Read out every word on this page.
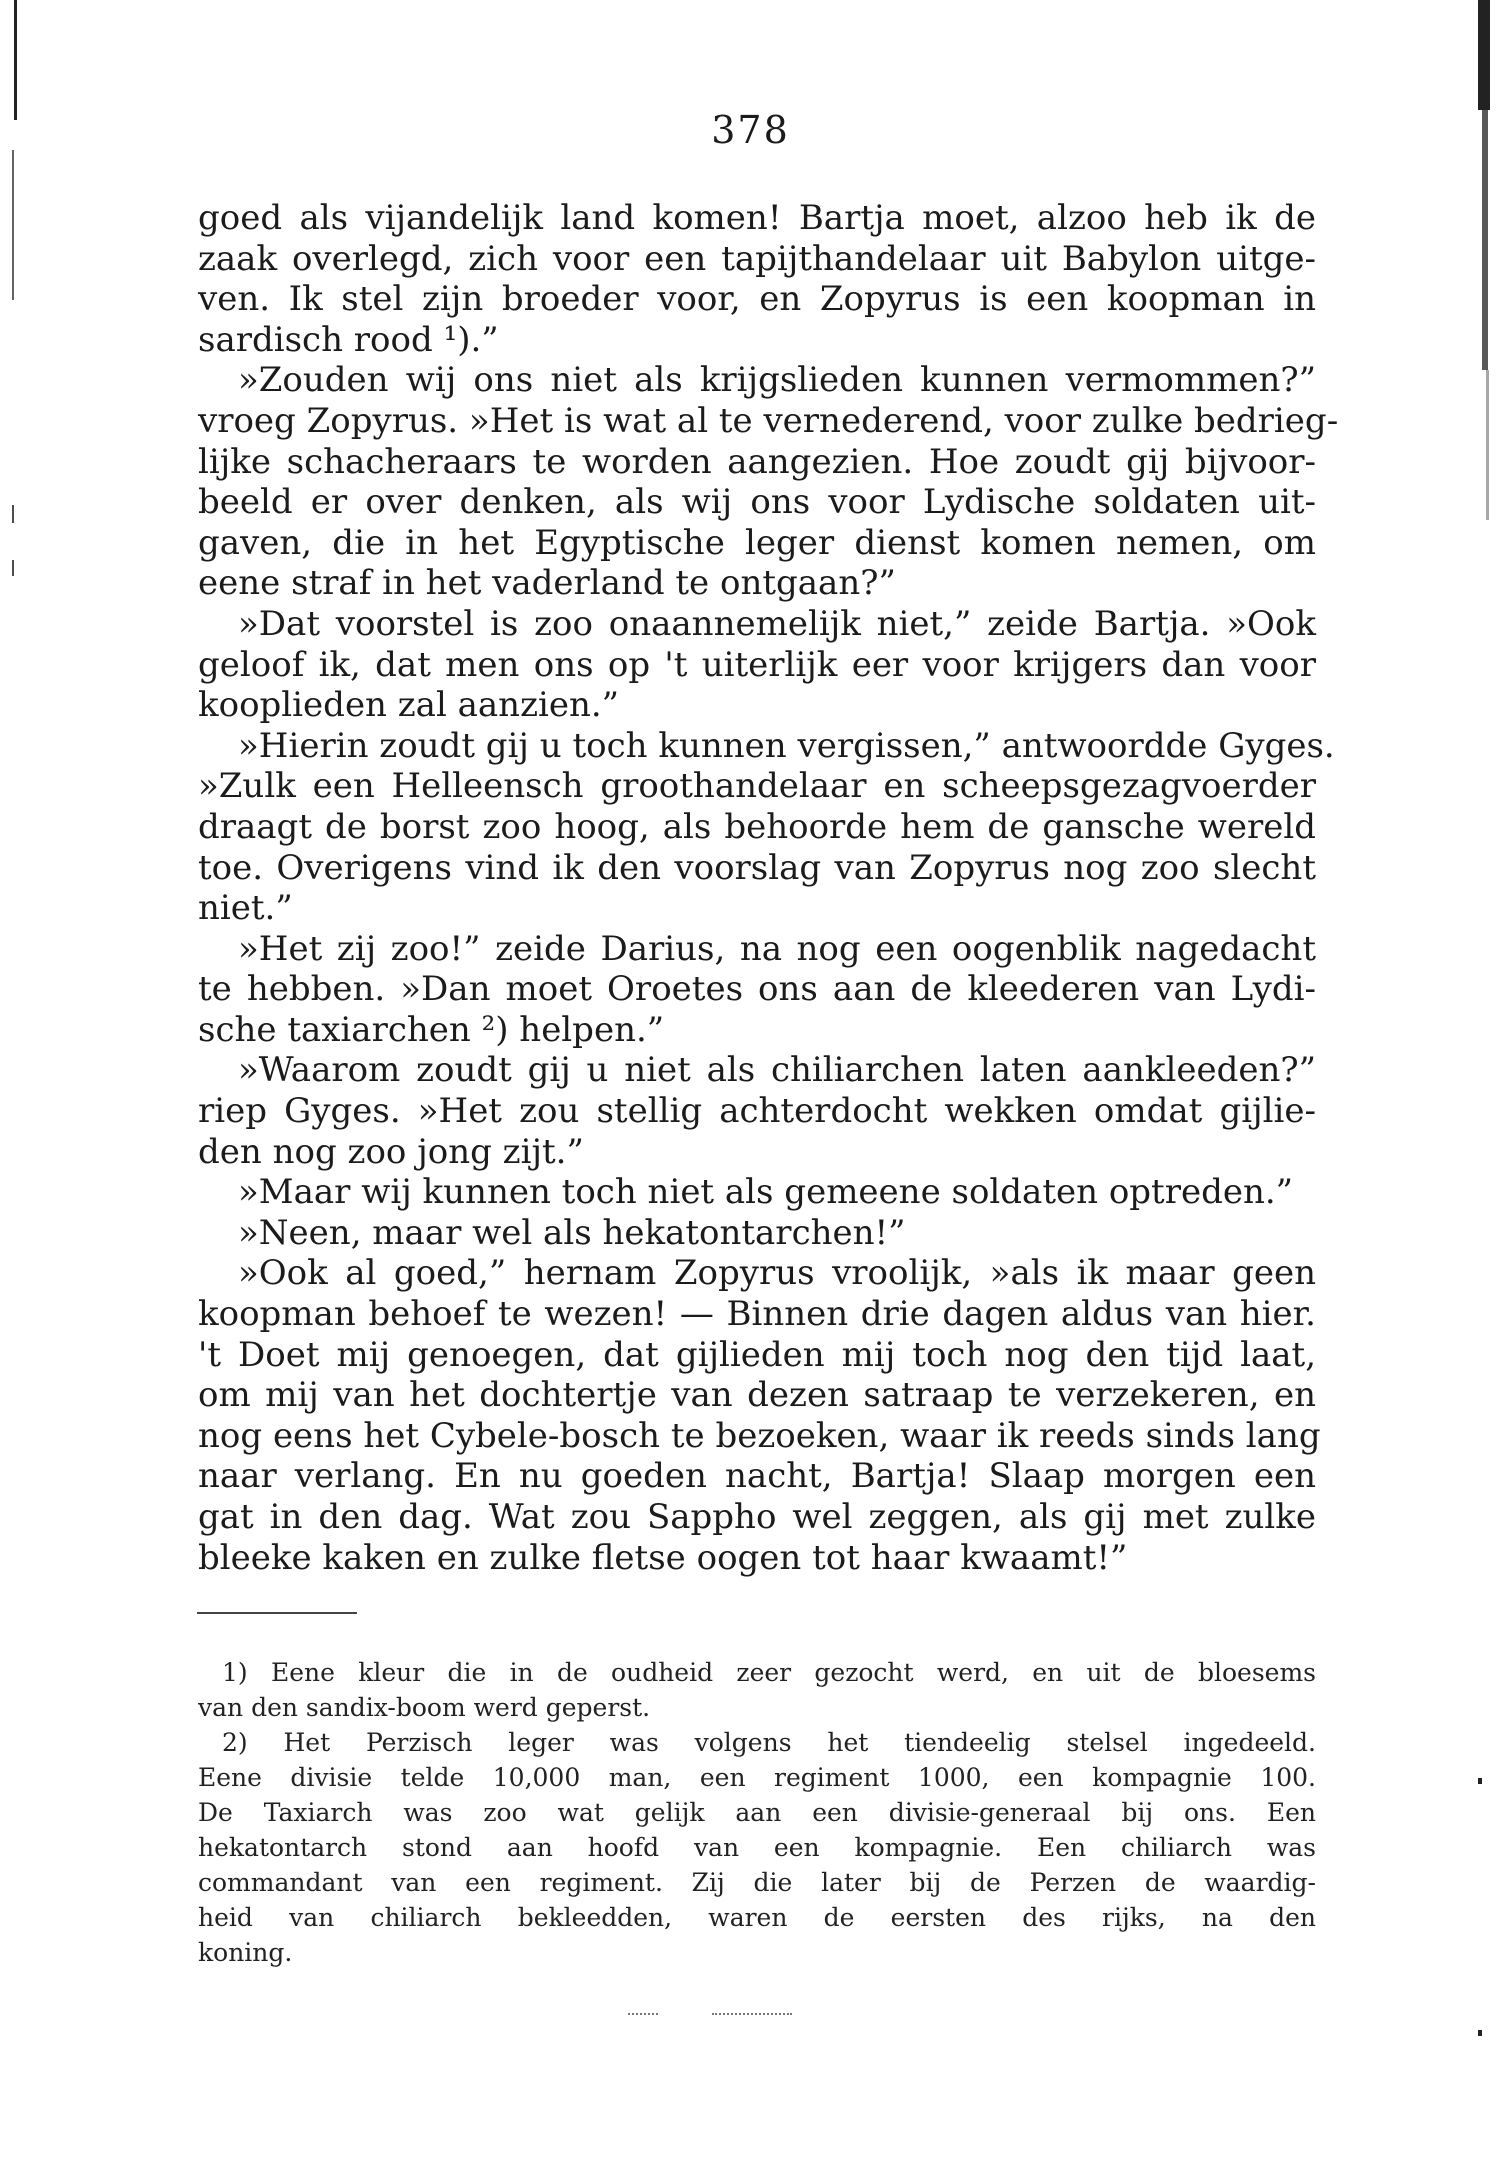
378
goed als vijandelijk land komen! Bartja moet, alzoo heb ik de
zaak overlegd, zich voor een tapijthandelaar uit Babylon uitge-
ven. Ik stel zijn broeder voor, en Zopyrus is een koopman in
sardisch rood ¹).”
»Zouden wij ons niet als krijgslieden kunnen vermommen?”
vroeg Zopyrus. »Het is wat al te vernederend, voor zulke bedrieg-
lijke schacheraars te worden aangezien. Hoe zoudt gij bijvoor-
beeld er over denken, als wij ons voor Lydische soldaten uit-
gaven, die in het Egyptische leger dienst komen nemen, om
eene straf in het vaderland te ontgaan?”
»Dat voorstel is zoo onaannemelijk niet,” zeide Bartja. »Ook
geloof ik, dat men ons op 't uiterlijk eer voor krijgers dan voor
kooplieden zal aanzien.”
»Hierin zoudt gij u toch kunnen vergissen,” antwoordde Gyges.
»Zulk een Helleensch groothandelaar en scheepsgezagvoerder
draagt de borst zoo hoog, als behoorde hem de gansche wereld
toe. Overigens vind ik den voorslag van Zopyrus nog zoo slecht
niet.”
»Het zij zoo!” zeide Darius, na nog een oogenblik nagedacht
te hebben. »Dan moet Oroetes ons aan de kleederen van Lydi-
sche taxiarchen ²) helpen.”
»Waarom zoudt gij u niet als chiliarchen laten aankleeden?”
riep Gyges. »Het zou stellig achterdocht wekken omdat gijlie-
den nog zoo jong zijt.”
»Maar wij kunnen toch niet als gemeene soldaten optreden.”
»Neen, maar wel als hekatontarchen!”
»Ook al goed,” hernam Zopyrus vroolijk, »als ik maar geen
koopman behoef te wezen! — Binnen drie dagen aldus van hier.
't Doet mij genoegen, dat gijlieden mij toch nog den tijd laat,
om mij van het dochtertje van dezen satraap te verzekeren, en
nog eens het Cybele-bosch te bezoeken, waar ik reeds sinds lang
naar verlang. En nu goeden nacht, Bartja! Slaap morgen een
gat in den dag. Wat zou Sappho wel zeggen, als gij met zulke
bleeke kaken en zulke fletse oogen tot haar kwaamt!”
1) Eene kleur die in de oudheid zeer gezocht werd, en uit de bloesems
van den sandix-boom werd geperst.
2) Het Perzisch leger was volgens het tiendeelig stelsel ingedeeld.
Eene divisie telde 10,000 man, een regiment 1000, een kompagnie 100.
De Taxiarch was zoo wat gelijk aan een divisie-generaal bij ons. Een
hekatontarch stond aan hoofd van een kompagnie. Een chiliarch was
commandant van een regiment. Zij die later bij de Perzen de waardig-
heid van chiliarch bekleedden, waren de eersten des rijks, na den
koning.
